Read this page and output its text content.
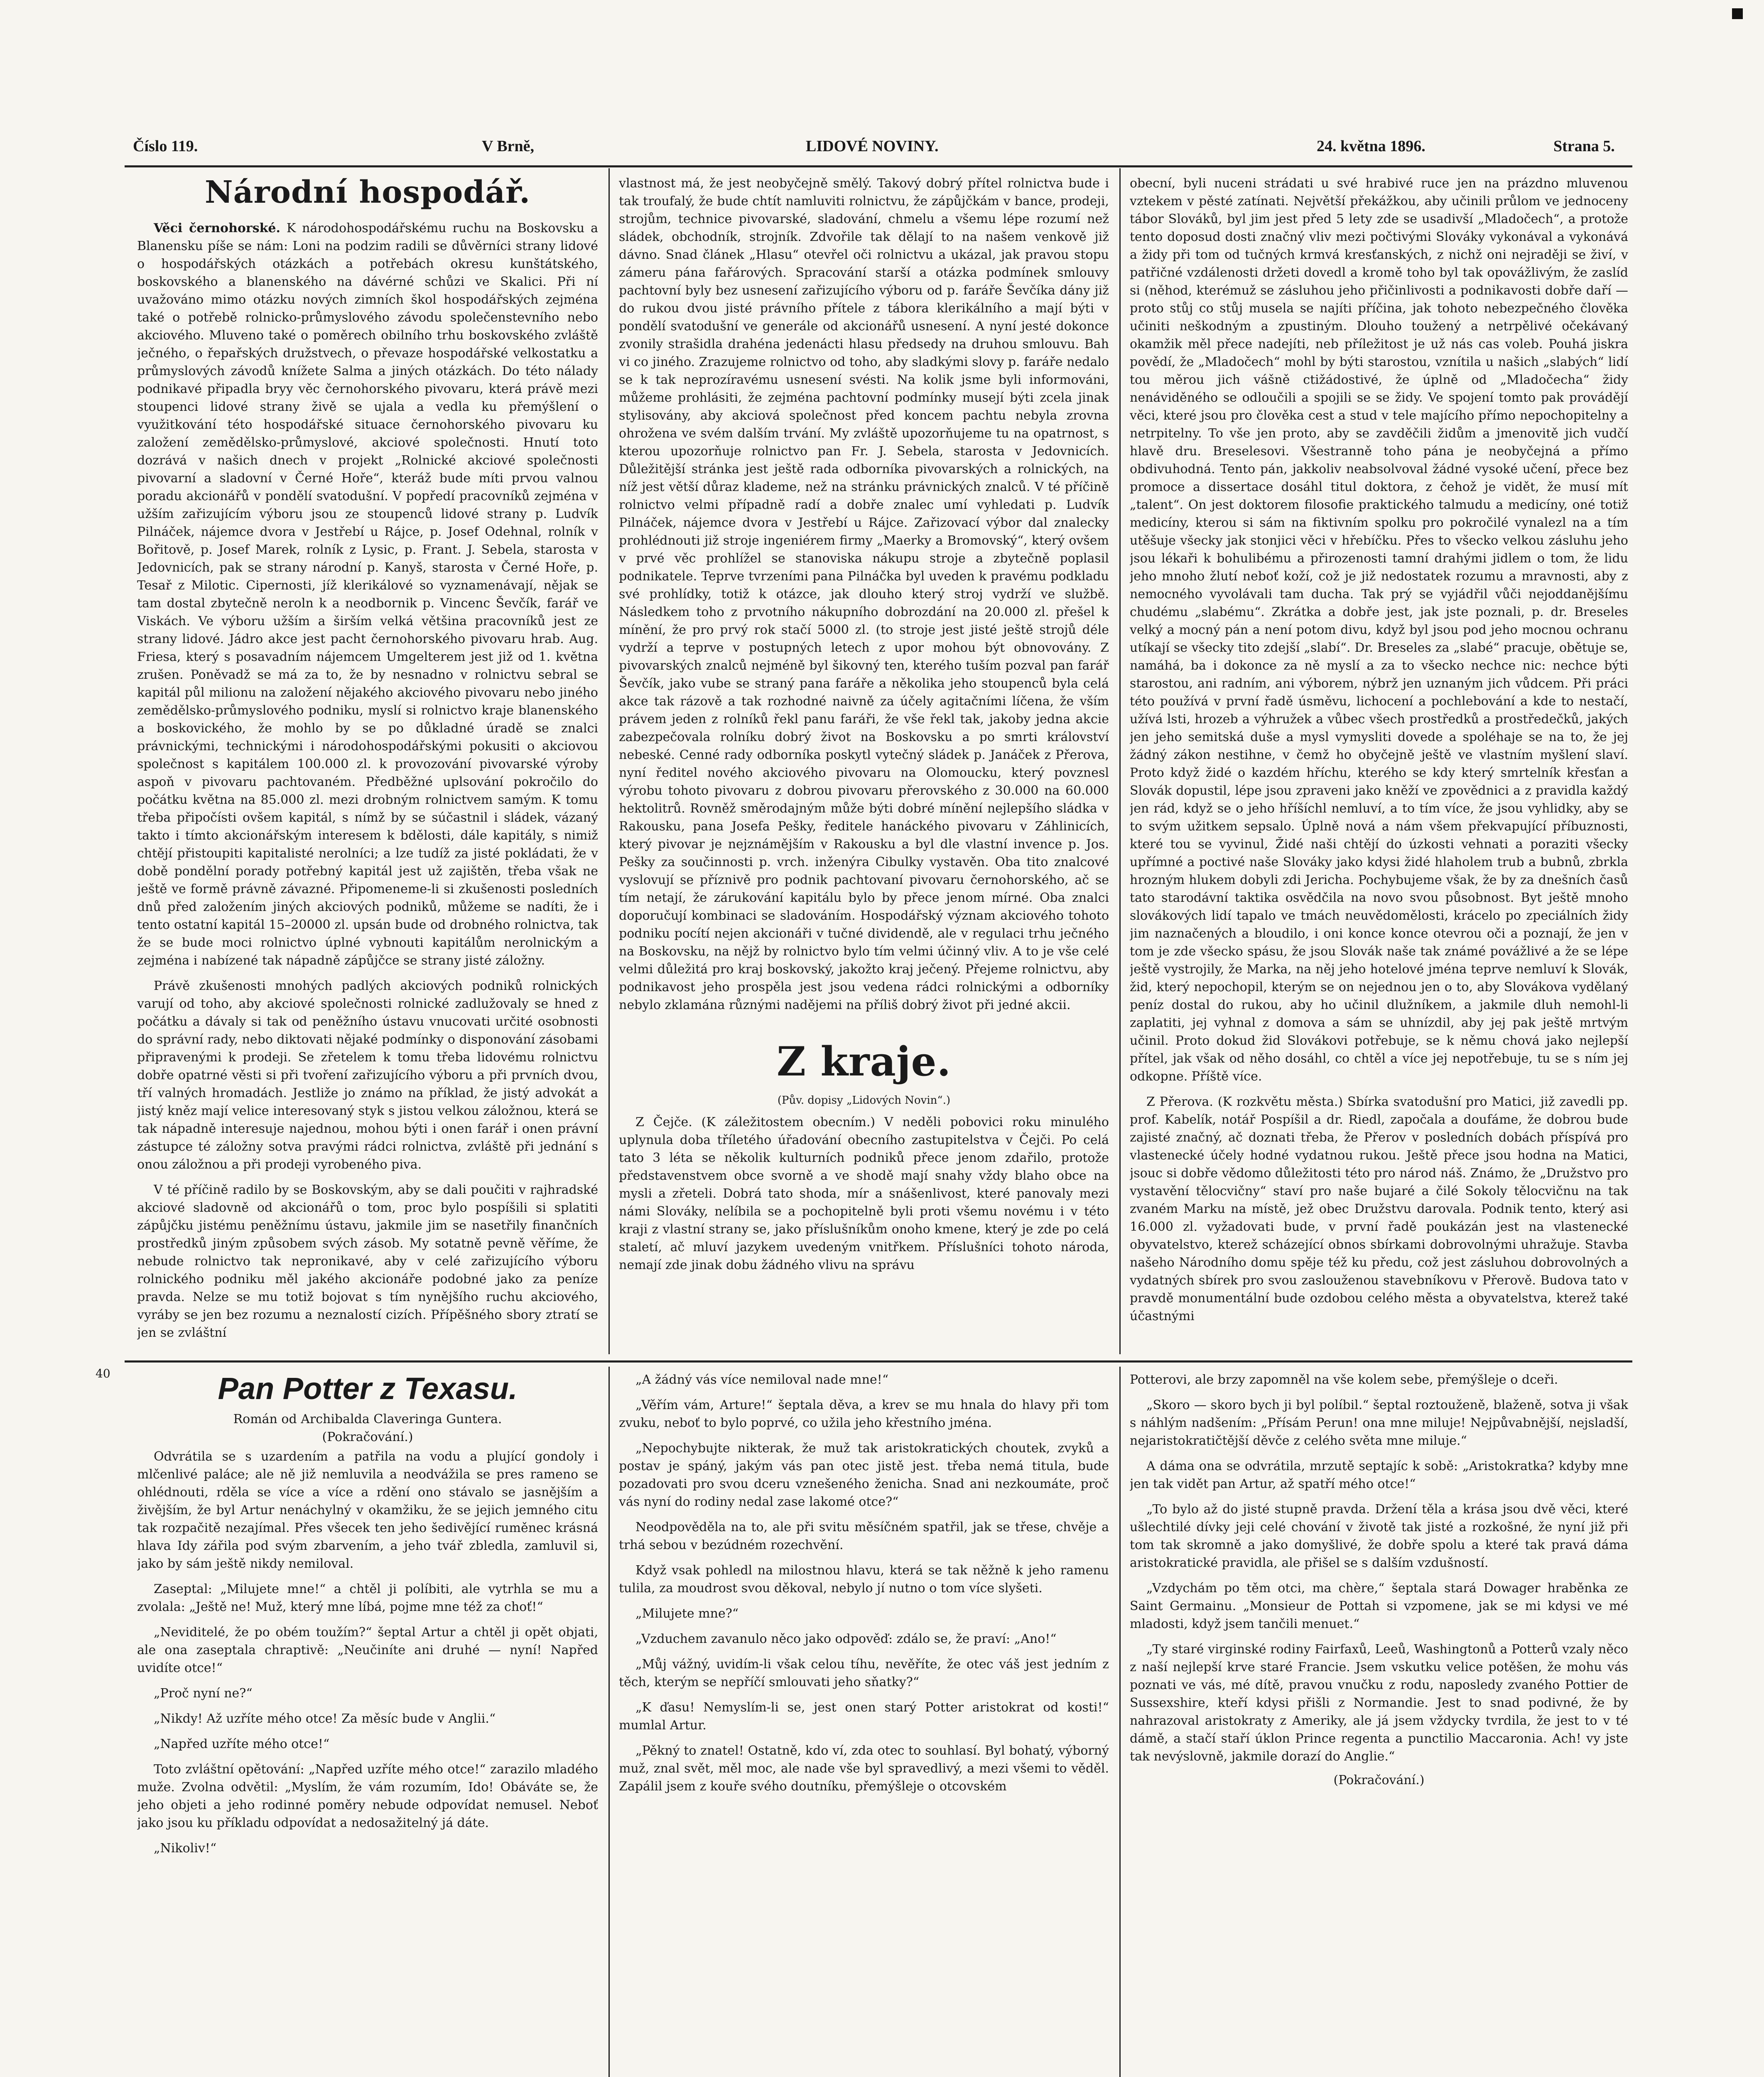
Číslo 119.	V Brně,	LIDOVÉ NOVINY.	24. května 1896.	Strana 5.
Národní hospodář.

Věci černohorské. K národohospodářskému ruchu na Boskovsku a Blanensku píše se nám: Loni na podzim radili se důvěrníci strany lidové o hospodářských otázkách a potřebách okresu kunštátského, boskovského a blanenského na dávérné schůzi ve Skalici. Při ní uvažováno mimo otázku nových zimních škol hospodářských zejména také o potřebě rolnicko-průmyslového závodu společenstevního nebo akciového. Mluveno také o poměrech obilního trhu boskovského zvláště ječného, o řepařských družstvech, o převaze hospodářské velkostatku a průmyslových závodů knížete Salma a jiných otázkách. Do této nálady podnikavé připadla bryy věc černohorského pivovaru, která právě mezi stoupenci lidové strany živě se ujala a vedla ku přemýšlení o využitkování této hospodářské situace černohorského pivovaru ku založení zemědělsko-průmyslové, akciové společnosti. Hnutí toto dozrává v našich dnech v projekt „Rolnické akciové společnosti pivovarní a sladovní v Černé Hoře“, kteráž bude míti prvou valnou poradu akcionářů v pondělí svatodušní. V popředí pracovníků zejména v užším zařizujícím výboru jsou ze stoupenců lidové strany p. Ludvík Pilnáček, nájemce dvora v Jestřebí u Rájce, p. Josef Odehnal, rolník v Bořitově, p. Josef Marek, rolník z Lysic, p. Frant. J. Sebela, starosta v Jedovnicích, pak se strany národní p. Kanyš, starosta v Černé Hoře, p. Tesař z Milotic. Cipernosti, jíž klerikálové so vyznamenávají, nějak se tam dostal zbytečně neroln k a neodbornik p. Vincenc Ševčík, farář ve Viskách. Ve výboru užším a širším velká většina pracovníků jest ze strany lidové. Jádro akce jest pacht černohorského pivovaru hrab. Aug. Friesa, který s posavadním nájemcem Umgelterem jest již od 1. května zrušen. Poněvadž se má za to, že by nesnadno v rolnictvu sebral se kapitál půl milionu na založení nějakého akciového pivovaru nebo jiného zemědělsko-průmyslového podniku, myslí si rolnictvo kraje blanenského a boskovického, že mohlo by se po důkladné úradě se znalci právnickými, technickými i národohospodářskými pokusiti o akciovou společnost s kapitálem 100.000 zl. k provozování pivovarské výroby aspoň v pivovaru pachtovaném. Předběžné uplsování pokročilo do počátku května na 85.000 zl. mezi drobným rolnictvem samým. K tomu třeba připočísti ovšem kapitál, s nímž by se súčastnil i sládek, vázaný takto i tímto akcionářským interesem k bdělosti, dále kapitály, s nimiž chtějí přistoupiti kapitalisté nerolníci; a lze tudíž za jisté pokládati, že v době pondělní porady potřebný kapitál jest už zajištěn, třeba však ne ještě ve formě právně závazné. Připomeneme-li si zkušenosti posledních dnů před založením jiných akciových podniků, můžeme se nadíti, že i tento ostatní kapitál 15–20000 zl. upsán bude od drobného rolnictva, tak že se bude moci rolnictvo úplné vybnouti kapitálům nerolnickým a zejména i nabízené tak nápadně zápůjčce se strany jisté záložny.

Právě zkušenosti mnohých padlých akciových podniků rolnických varují od toho, aby akciové společnosti rolnické zadlužovaly se hned z počátku a dávaly si tak od peněžního ústavu vnucovati určité osobnosti do správní rady, nebo diktovati nějaké podmínky o disponování zásobami připravenými k prodeji. Se zřetelem k tomu třeba lidovému rolnictvu dobře opatrné věsti si při tvoření zařizujícího výboru a při prvních dvou, tří valných hromadách. Jestliže jo známo na příklad, že jistý advokát a jistý kněz mají velice interesovaný styk s jistou velkou záložnou, která se tak nápadně interesuje najednou, mohou býti i onen farář i onen právní zástupce té záložny sotva pravými rádci rolnictva, zvláště při jednání s onou záložnou a při prodeji vyrobeného piva.

V té příčině radilo by se Boskovským, aby se dali poučiti v rajhradské akciové sladovně od akcionářů o tom, proc bylo pospíšili si splatiti zápůjčku jistému peněžnímu ústavu, jakmile jim se nasetřily finančních prostředků jiným způsobem svých zásob. My sotatně pevně věříme, že nebude rolnictvo tak nepronikavé, aby v celé zařizujícího výboru rolnického podniku měl jakého akcionáře podobné jako za peníze pravda. Nelze se mu totiž bojovat s tím nynějšího ruchu akciového, vyráby se jen bez rozumu a neznalostí cizích. Přípěšného sbory ztratí se jen se zvláštní

vlastnost má, že jest neobyčejně smělý. Takový dobrý přítel rolnictva bude i tak troufalý, že bude chtít namluviti rolnictvu, že zápůjčkám v bance, prodeji, strojům, technice pivovarské, sladování, chmelu a všemu lépe rozumí než sládek, obchodník, strojník. Zdvořile tak dělají to na našem venkově již dávno. Snad článek „Hlasu“ otevřel oči rolnictvu a ukázal, jak pravou stopu zámeru pána fařárových. Spracování starší a otázka podmínek smlouvy pachtovní byly bez usnesení zařizujícího výboru od p. faráře Ševčíka dány již do rukou dvou jisté právního přítele z tábora klerikálního a mají býti v pondělí svatodušní ve generále od akcionářů usnesení. A nyní jesté dokonce zvonily strašidla drahéna jedenácti hlasu předsedy na druhou smlouvu. Bah vi co jiného. Zrazujeme rolnictvo od toho, aby sladkými slovy p. faráře nedalo se k tak neprozíravému usnesení svésti. Na kolik jsme byli informováni, můžeme prohlásiti, že zejména pachtovní podmínky musejí býti zcela jinak stylisovány, aby akciová společnost před koncem pachtu nebyla zrovna ohrožena ve svém dalším trvání. My zvláště upozorňujeme tu na opatrnost, s kterou upozorňuje rolnictvo pan Fr. J. Sebela, starosta v Jedovnicích. Důležitější stránka jest ještě rada odborníka pivovarských a rolnických, na níž jest větší důraz klademe, než na stránku právnických znalců. V té příčině rolnictvo velmi případně radí a dobře znalec umí vyhledati p. Ludvík Pilnáček, nájemce dvora v Jestřebí u Rájce. Zařizovací výbor dal znalecky prohlédnouti již stroje ingeniérem firmy „Maerky a Bromovský“, který ovšem v prvé věc prohlížel se stanoviska nákupu stroje a zbytečně poplasil podnikatele. Teprve tvrzeními pana Pilnáčka byl uveden k pravému podkladu své prohlídky, totiž k otázce, jak dlouho který stroj vydrží ve službě. Následkem toho z prvotního nákupního dobrozdání na 20.000 zl. přešel k mínění, že pro prvý rok stačí 5000 zl. (to stroje jest jisté ještě strojů déle vydrží a teprve v postupných letech z upor mohou být obnovovány. Z pivovarských znalců nejméně byl šikovný ten, kterého tuším pozval pan farář Ševčík, jako vube se straný pana faráře a několika jeho stoupenců byla celá akce tak rázově a tak rozhodné naivně za účely agitačními líčena, že vším právem jeden z rolníků řekl panu faráři, že vše řekl tak, jakoby jedna akcie zabezpečovala rolníku dobrý život na Boskovsku a po smrti království nebeské. Cenné rady odborníka poskytl vytečný sládek p. Janáček z Přerova, nyní ředitel nového akciového pivovaru na Olomoucku, který povznesl výrobu tohoto pivovaru z dobrou pivovaru přerovského z 30.000 na 60.000 hektolitrů. Rovněž směrodajným může býti dobré mínění nejlepšího sládka v Rakousku, pana Josefa Pešky, ředitele hanáckého pivovaru v Záhlinicích, který pivovar je nejznámějším v Rakousku a byl dle vlastní invence p. Jos. Pešky za součinnosti p. vrch. inženýra Cibulky vystavěn. Oba tito znalcové vyslovují se příznivě pro podnik pachtovaní pivovaru černohorského, ač se tím netají, že zárukování kapitálu bylo by přece jenom mírné. Oba znalci doporučují kombinaci se sladováním. Hospodářský význam akciového tohoto podniku pocítí nejen akcionáři v tučné dividendě, ale v regulaci trhu ječného na Boskovsku, na nějž by rolnictvo bylo tím velmi účinný vliv. A to je vše celé velmi důležitá pro kraj boskovský, jakožto kraj ječený. Přejeme rolnictvu, aby podnikavost jeho prospěla jest jsou vedena rádci rolnickými a odborníky nebylo zklamána různými nadějemi na příliš dobrý život při jedné akcii.

Z kraje.
(Pův. dopisy „Lidových Novin“.)

Z Čejče. (K záležitostem obecním.) V neděli pobovici roku minulého uplynula doba tříletého úřadování obecního zastupitelstva v Čejči. Po celá tato 3 léta se několik kulturních podniků přece jenom zdařilo, protože představenstvem obce svorně a ve shodě mají snahy vždy blaho obce na mysli a zřeteli. Dobrá tato shoda, mír a snášenlivost, které panovaly mezi námi Slováky, nelíbila se a pochopitelně byli proti všemu novému i v této kraji z vlastní strany se, jako příslušníkům onoho kmene, který je zde po celá staletí, ač mluví jazykem uvedeným vnitřkem. Příslušníci tohoto národa, nemají zde jinak dobu žádného vlivu na správu

obecní, byli nuceni strádati u své hrabivé ruce jen na prázdno mluvenou vztekem v pěsté zatínati. Největší překážkou, aby učinili průlom ve jednoceny tábor Slováků, byl jim jest před 5 lety zde se usadivší „Mladočech“, a protože tento doposud dosti značný vliv mezi počtivými Slováky vykonával a vykonává a židy při tom od tučných krmvá kresťanských, z nichž oni nejraději se živí, v patřičné vzdálenosti držeti dovedl a kromě toho byl tak opovážlivým, že zaslíd si (něhod, kterémuž se zásluhou jeho přičinlivosti a podnikavosti dobře daří — proto stůj co stůj musela se najíti příčina, jak tohoto nebezpečného člověka učiniti neškodným a zpustiným. Dlouho toužený a netrpělivé očekávaný okamžik měl přece nadejíti, neb příležitost je už nás cas voleb. Pouhá jiskra povědí, že „Mladočech“ mohl by býti starostou, vznítila u našich „slabých“ lidí tou měrou jich vášně ctižádostivé, že úplně od „Mladočecha“ židy nenáviděného se odloučili a spojili se se židy. Ve spojení tomto pak provádějí věci, které jsou pro člověka cest a stud v tele majícího přímo nepochopitelny a netrpitelny. To vše jen proto, aby se zavděčili židům a jmenovitě jich vudčí hlavě dru. Breselesovi. Všestranně toho pána je neobyčejná a přímo obdivuhodná. Tento pán, jakkoliv neabsolvoval žádné vysoké učení, přece bez promoce a dissertace dosáhl titul doktora, z čehož je vidět, že musí mít „talent“. On jest doktorem filosofie praktického talmudu a medicíny, oné totiž medicíny, kterou si sám na fiktivním spolku pro pokročilé vynalezl na a tím utěšuje všecky jak stonjici věci v hřebíčku. Přes to všecko velkou zásluhu jeho jsou lékaři k bohulibému a přirozenosti tamní drahými jidlem o tom, že lidu jeho mnoho žlutí neboť koží, což je již nedostatek rozumu a mravnosti, aby z nemocného vyvolávali tam ducha. Tak prý se vyjádřil vůči nejoddanějšímu chudému „slabému“. Zkrátka a dobře jest, jak jste poznali, p. dr. Breseles velký a mocný pán a není potom divu, když byl jsou pod jeho mocnou ochranu utíkají se všecky tito zdejší „slabí“. Dr. Breseles za „slabé“ pracuje, obětuje se, namáhá, ba i dokonce za ně myslí a za to všecko nechce nic: nechce býti starostou, ani radním, ani výborem, nýbrž jen uznaným jich vůdcem. Při práci této používá v první řadě úsměvu, lichocení a pochlebování a kde to nestačí, užívá lsti, hrozeb a výhružek a vůbec všech prostředků a prostředečků, jakých jen jeho semitská duše a mysl vymysliti dovede a spoléhaje se na to, že jej žádný zákon nestihne, v čemž ho obyčejně ještě ve vlastním myšlení slaví. Proto když židé o kazdém hříchu, kterého se kdy který smrtelník křesťan a Slovák dopustil, lépe jsou zpraveni jako kněží ve zpovědnici a z pravidla každý jen rád, když se o jeho hříšíchl nemluví, a to tím více, že jsou vyhlidky, aby se to svým užitkem sepsalo. Úplně nová a nám všem překvapující příbuznosti, které tou se vyvinul, Židé naši chtějí do úzkosti vehnati a poraziti všecky upřímné a poctivé naše Slováky jako kdysi židé hlaholem trub a bubnů, zbrkla hrozným hlukem dobyli zdi Jericha. Pochybujeme však, že by za dnešních časů tato starodávní taktika osvědčila na novo svou působnost. Byt ještě mnoho slovákových lidí tapalo ve tmách neuvědomělosti, krácelo po zpeciálních židy jim naznačených a bloudilo, i oni konce konce otevrou oči a poznají, že jen v tom je zde všecko spásu, že jsou Slovák naše tak známé povážlivé a že se lépe ještě vystrojily, že Marka, na něj jeho hotelové jména teprve nemluví k Slovák, žid, který nepochopil, kterým se on nejednou jen o to, aby Slovákova vydělaný peníz dostal do rukou, aby ho učinil dlužníkem, a jakmile dluh nemohl-li zaplatiti, jej vyhnal z domova a sám se uhnízdil, aby jej pak ještě mrtvým učinil. Proto dokud žid Slovákovi potřebuje, se k němu chová jako nejlepší přítel, jak však od něho dosáhl, co chtěl a více jej nepotřebuje, tu se s ním jej odkopne. Příště více.

Z Přerova. (K rozkvětu města.) Sbírka svatodušní pro Matici, již zavedli pp. prof. Kabelík, notář Pospíšil a dr. Riedl, započala a doufáme, že dobrou bude zajisté značný, ač doznati třeba, že Přerov v posledních dobách příspívá pro vlastenecké účely hodné vydatnou rukou. Ještě přece jsou hodna na Matici, jsouc si dobře vědomo důležitosti této pro národ náš. Známo, že „Družstvo pro vystavění tělocvičny“ staví pro naše bujaré a čilé Sokoly tělocvičnu na tak zvaném Marku na místě, jež obec Družstvu darovala. Podnik tento, který asi 16.000 zl. vyžadovati bude, v první řadě poukázán jest na vlastenecké obyvatelstvo, kterež scházející obnos sbírkami dobrovolnými uhražuje. Stavba našeho Národního domu spěje též ku předu, což jest zásluhou dobrovolných a vydatných sbírek pro svou zaslouženou stavebníkovu v Přerově. Budova tato v pravdě monumentální bude ozdobou celého města a obyvatelstva, kterež také účastnými

40	Pan Potter z Texasu.
Román od Archibalda Claveringa Guntera.
(Pokračování.)

Odvrátila se s uzardením a patřila na vodu a plující gondoly i mlčenlivé paláce; ale ně již nemluvila a neodvážila se pres rameno se ohlédnouti, rděla se více a více a rdění ono stávalo se jasnějším a živějším, že byl Artur nenáchylný v okamžiku, že se jejich jemného citu tak rozpačitě nezajímal. Přes všecek ten jeho šedivějící ruměnec krásná hlava Idy zářila pod svým zbarvením, a jeho tvář zbledla, zamluvil si, jako by sám ještě nikdy nemiloval.

Zaseptal: „Milujete mne!“ a chtěl ji políbiti, ale vytrhla se mu a zvolala: „Ještě ne! Muž, který mne líbá, pojme mne též za choť!“

„Neviditelé, že po obém toužím?“ šeptal Artur a chtěl ji opět objati, ale ona zaseptala chraptivě: „Neučiníte ani druhé — nyní! Napřed uvidíte otce!“

„Proč nyní ne?“

„Nikdy! Až uzříte mého otce! Za měsíc bude v Anglii.“

„Napřed uzříte mého otce!“

Toto zvláštní opětování: „Napřed uzříte mého otce!“ zarazilo mladého muže. Zvolna odvětil: „Myslím, že vám rozumím, Ido! Obáváte se, že jeho objeti a jeho rodinné poměry nebude odpovídat nemusel. Neboť jako jsou ku příkladu odpovídat a nedosažitelný já dáte.

„Nikoliv!“

„A žádný vás více nemiloval nade mne!“

„Věřím vám, Arture!“ šeptala děva, a krev se mu hnala do hlavy při tom zvuku, neboť to bylo poprvé, co užila jeho křestního jména.

„Nepochybujte nikterak, že muž tak aristokratických choutek, zvyků a postav je spáný, jakým vás pan otec jistě jest. třeba nemá titula, bude pozadovati pro svou dceru vznešeného ženicha. Snad ani nezkoumáte, proč vás nyní do rodiny nedal zase lakomé otce?“

Neodpověděla na to, ale při svitu měsíčném spatřil, jak se třese, chvěje a trhá sebou v bezúdném rozechvění.

Když vsak pohledl na milostnou hlavu, která se tak něžně k jeho ramenu tulila, za moudrost svou děkoval, nebylo jí nutno o tom více slyšeti.

„Milujete mne?“

„Vzduchem zavanulo něco jako odpověď: zdálo se, že praví: „Ano!“

„Můj vážný, uvidím-li však celou tíhu, nevěříte, že otec váš jest jedním z těch, kterým se nepříčí smlouvati jeho sňatky?“

„K ďasu! Nemyslím-li se, jest onen starý Potter aristokrat od kosti!“ mumlal Artur.

„Pěkný to znatel! Ostatně, kdo ví, zda otec to souhlasí. Byl bohatý, výborný muž, znal svět, měl moc, ale nade vše byl spravedlivý, a mezi všemi to věděl. Zapálil jsem z kouře svého doutníku, přemýšleje o otcovském

Potterovi, ale brzy zapomněl na vše kolem sebe, přemýšleje o dceři.

„Skoro — skoro bych ji byl políbil.“ šeptal roztouženě, blaženě, sotva ji však s náhlým nadšením: „Přísám Perun! ona mne miluje! Nejpůvabnější, nejsladší, nejaristokratičtější děvče z celého světa mne miluje.“

A dáma ona se odvrátila, mrzutě septajíc k sobě: „Aristokratka? kdyby mne jen tak vidět pan Artur, až spatří mého otce!“

„To bylo až do jisté stupně pravda. Držení těla a krása jsou dvě věci, které ušlechtilé dívky jeji celé chování v životě tak jisté a rozkošné, že nyní již při tom tak skromně a jako domyšlivé, že dobře spolu a které tak pravá dáma aristokratické pravidla, ale přišel se s dalším vzdušností.

„Vzdychám po těm otci, ma chère,“ šeptala stará Dowager hraběnka ze Saint Germainu. „Monsieur de Pottah si vzpomene, jak se mi kdysi ve mé mladosti, když jsem tančili menuet.“

„Ty staré virginské rodiny Fairfaxů, Leeů, Washingtonů a Potterů vzaly něco z naší nejlepší krve staré Francie. Jsem vskutku velice potěšen, že mohu vás poznati ve vás, mé dítě, pravou vnučku z rodu, naposledy zvaného Pottier de Sussexshire, kteří kdysi přišli z Normandie. Jest to snad podivné, že by nahrazoval aristokraty z Ameriky, ale já jsem vždycky tvrdila, že jest to v té dámě, a stačí staří úklon Prince regenta a punctilio Maccaronia. Ach! vy jste tak nevýslovně, jakmile dorazí do Anglie.“

(Pokračování.)
